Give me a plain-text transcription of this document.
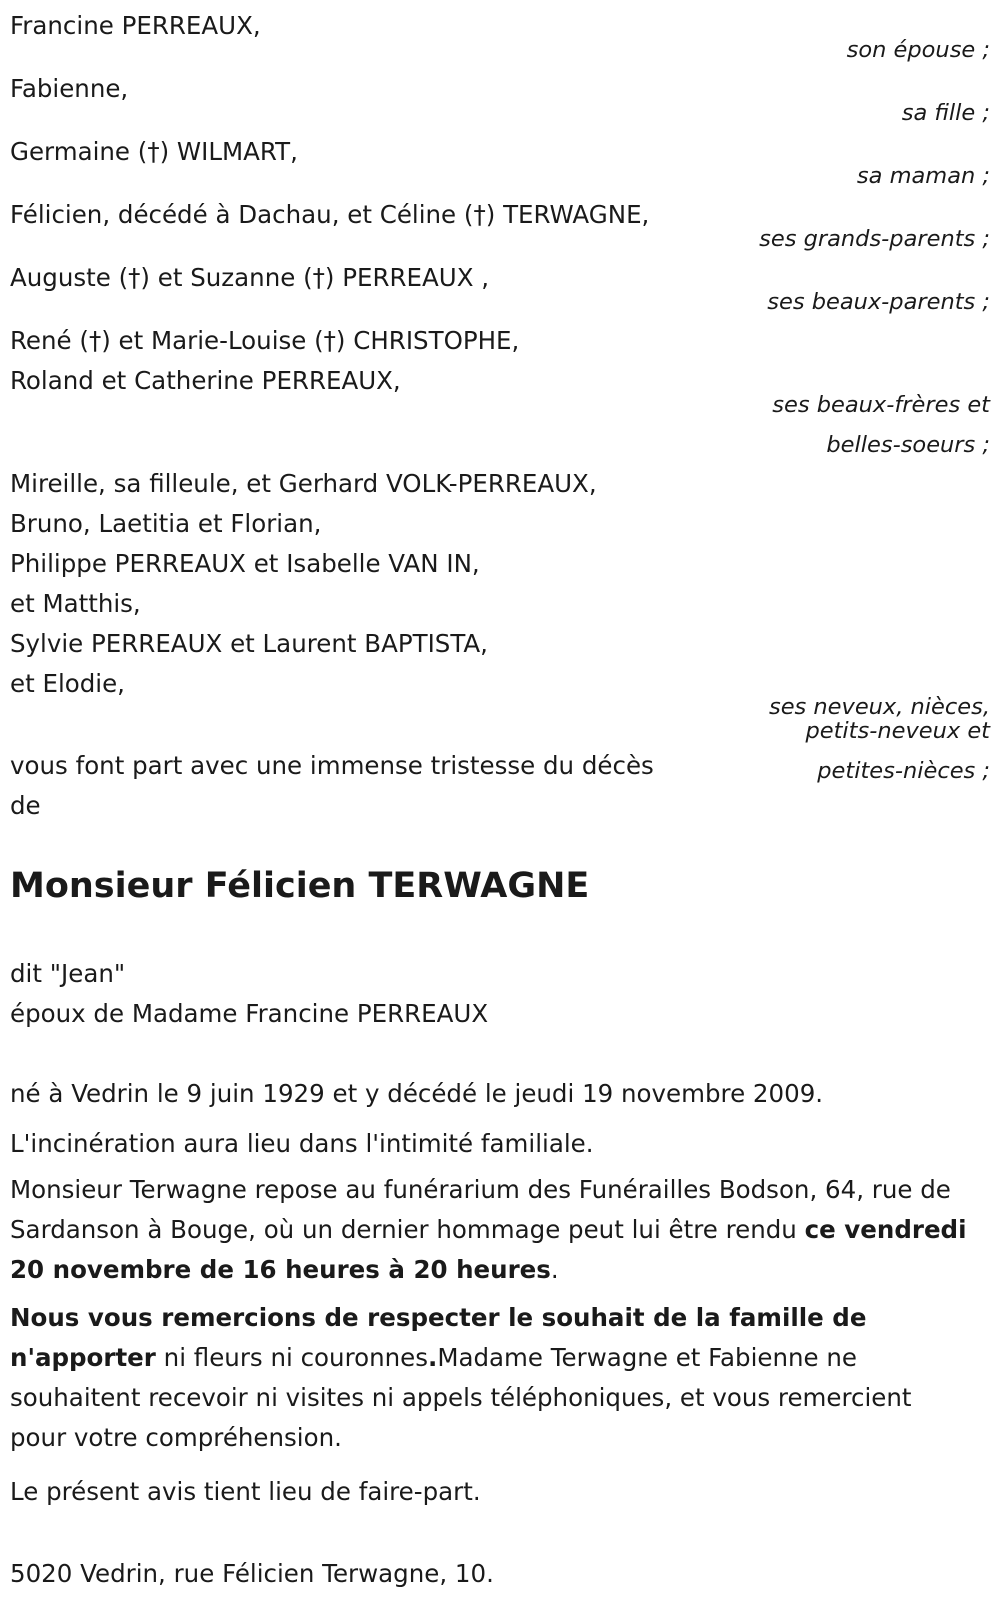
Francine PERREAUX,

son épouse ;

Fabienne,

sa fille ;

Germaine (†) WILMART,

sa maman ;

Félicien, décédé à Dachau, et Céline (†) TERWAGNE,

ses grands-parents ;

Auguste (†) et Suzanne (†) PERREAUX ,

ses beaux-parents ;

René (†) et Marie-Louise (†) CHRISTOPHE,

Roland et Catherine PERREAUX,

ses beaux-frères et

belles-soeurs ;

Mireille, sa filleule, et Gerhard VOLK-PERREAUX,

Bruno, Laetitia et Florian,

Philippe PERREAUX et Isabelle VAN IN,

et Matthis,

Sylvie PERREAUX et Laurent BAPTISTA,

et Elodie,

ses neveux, nièces,

petits-neveux et

petites-nièces ;

vous font part avec une immense tristesse du décès

de

Monsieur Félicien TERWAGNE

dit "Jean"

époux de Madame Francine PERREAUX

né à Vedrin le 9 juin 1929 et y décédé le jeudi 19 novembre 2009.

L'incinération aura lieu dans l'intimité familiale.

Monsieur Terwagne repose au funérarium des Funérailles Bodson, 64, rue de Sardanson à Bouge, où un dernier hommage peut lui être rendu ce vendredi 20 novembre de 16 heures à 20 heures.

Nous vous remercions de respecter le souhait de la famille de n'apporter ni fleurs ni couronnes.Madame Terwagne et Fabienne ne souhaitent recevoir ni visites ni appels téléphoniques, et vous remercient pour votre compréhension.

Le présent avis tient lieu de faire-part.

5020 Vedrin, rue Félicien Terwagne, 10.
